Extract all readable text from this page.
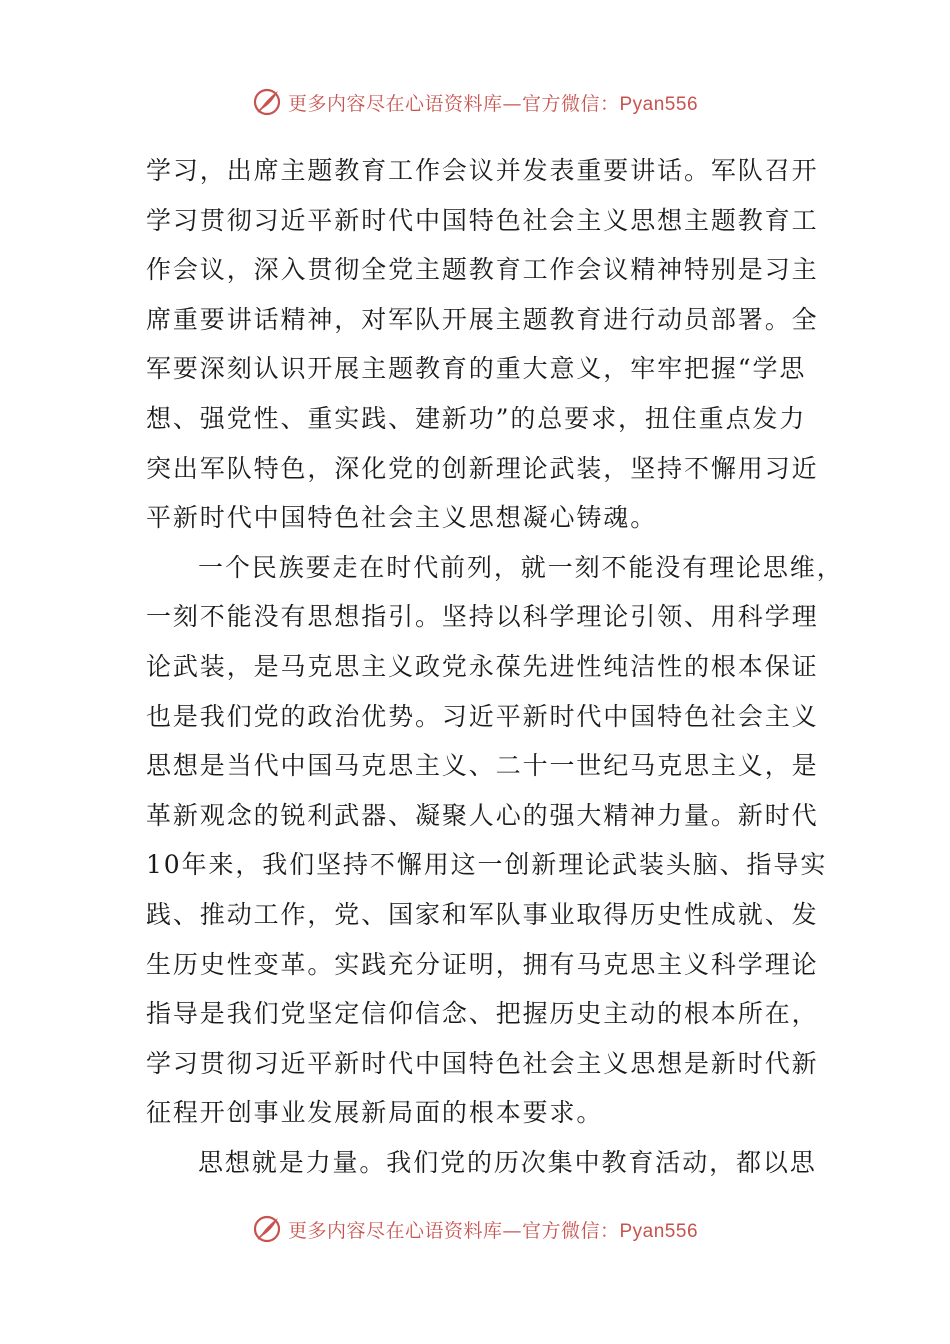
更多内容尽在心语资料库—官方微信：Pyan556
学习，出席主题教育工作会议并发表重要讲话。军队召开
学习贯彻习近平新时代中国特色社会主义思想主题教育工
作会议，深入贯彻全党主题教育工作会议精神特别是习主
席重要讲话精神，对军队开展主题教育进行动员部署。全
军要深刻认识开展主题教育的重大意义，牢牢把握“学思
想、强党性、重实践、建新功”的总要求，扭住重点发力
突出军队特色，深化党的创新理论武装，坚持不懈用习近
平新时代中国特色社会主义思想凝心铸魂。
一个民族要走在时代前列，就一刻不能没有理论思维，
一刻不能没有思想指引。坚持以科学理论引领、用科学理
论武装，是马克思主义政党永葆先进性纯洁性的根本保证
也是我们党的政治优势。习近平新时代中国特色社会主义
思想是当代中国马克思主义、二十一世纪马克思主义，是
革新观念的锐利武器、凝聚人心的强大精神力量。新时代
10年来，我们坚持不懈用这一创新理论武装头脑、指导实
践、推动工作，党、国家和军队事业取得历史性成就、发
生历史性变革。实践充分证明，拥有马克思主义科学理论
指导是我们党坚定信仰信念、把握历史主动的根本所在，
学习贯彻习近平新时代中国特色社会主义思想是新时代新
征程开创事业发展新局面的根本要求。
思想就是力量。我们党的历次集中教育活动，都以思
更多内容尽在心语资料库—官方微信：Pyan556
